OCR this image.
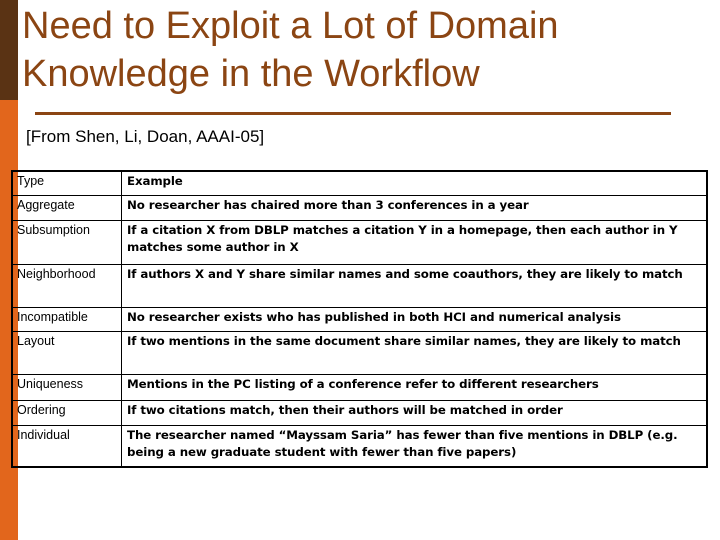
Need to Exploit a Lot of Domain Knowledge in the Workflow
[From Shen, Li, Doan, AAAI-05]
Type	Example
Aggregate	No researcher has chaired more than 3 conferences in a year
Subsumption	If a citation X from DBLP matches a citation Y in a homepage, then each author in Y matches some author in X
Neighborhood	If authors X and Y share similar names and some coauthors, they are likely to match
Incompatible	No researcher exists who has published in both HCI and numerical analysis
Layout	If two mentions in the same document share similar names, they are likely to match
Uniqueness	Mentions in the PC listing of a conference refer to different researchers
Ordering	If two citations match, then their authors will be matched in order
Individual	The researcher named “Mayssam Saria” has fewer than five mentions in DBLP (e.g. being a new graduate student with fewer than five papers)
